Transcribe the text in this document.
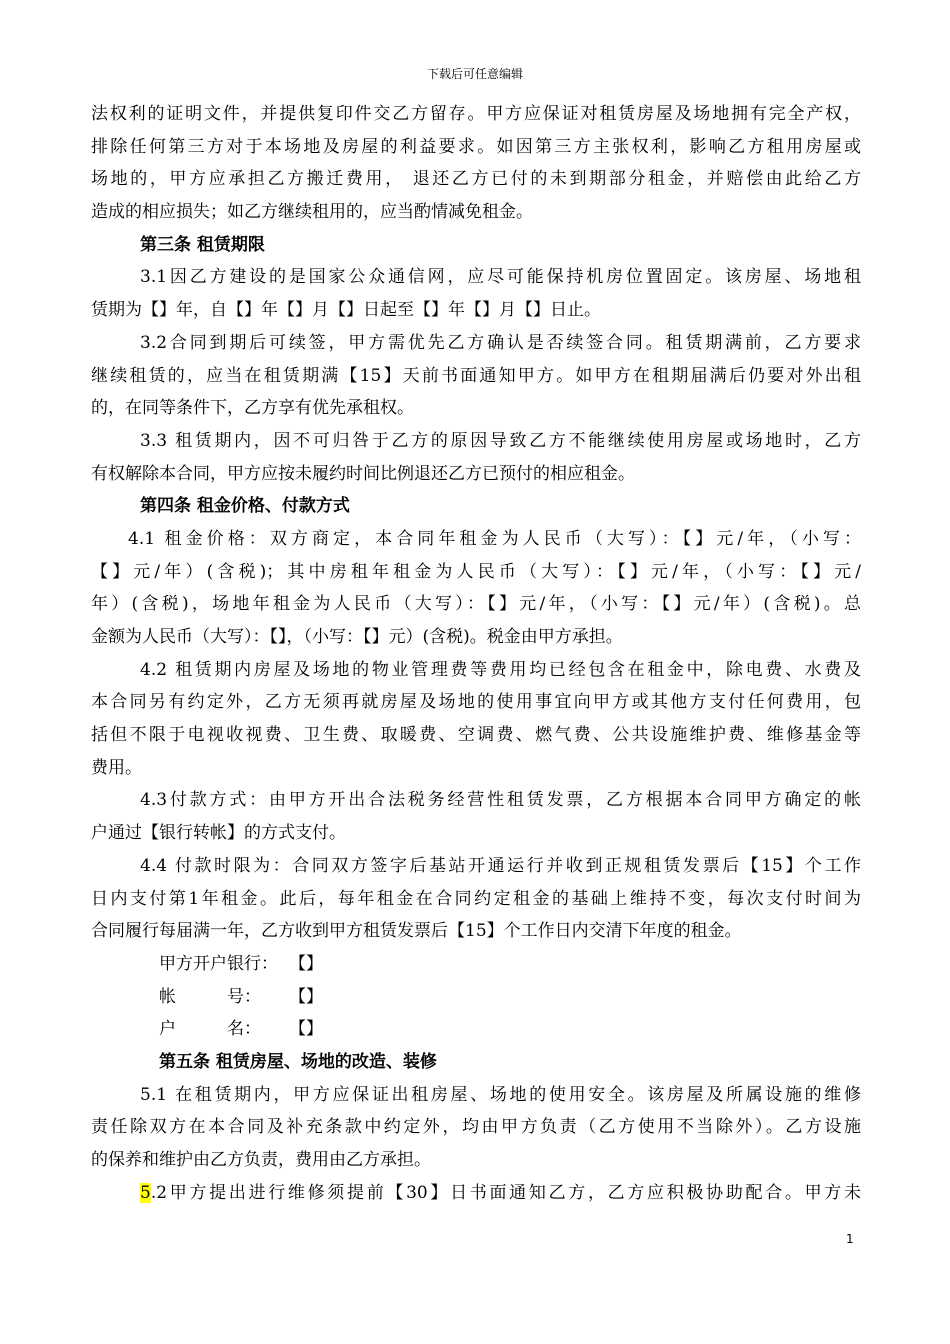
下载后可任意编辑
法权利的证明文件，并提供复印件交乙方留存。甲方应保证对租赁房屋及场地拥有完全产权，
排除任何第三方对于本场地及房屋的利益要求。如因第三方主张权利，影响乙方租用房屋或
场地的，甲方应承担乙方搬迁费用， 退还乙方已付的未到期部分租金，并赔偿由此给乙方
造成的相应损失；如乙方继续租用的，应当酌情减免租金。
第三条 租赁期限
3.1因乙方建设的是国家公众通信网，应尽可能保持机房位置固定。该房屋、场地租
赁期为【】年，自【】年【】月【】日起至【】年【】月【】日止。
3.2合同到期后可续签，甲方需优先乙方确认是否续签合同。租赁期满前，乙方要求
继续租赁的，应当在租赁期满【15】天前书面通知甲方。如甲方在租期届满后仍要对外出租
的，在同等条件下，乙方享有优先承租权。
3.3 租赁期内，因不可归咎于乙方的原因导致乙方不能继续使用房屋或场地时，乙方
有权解除本合同，甲方应按未履约时间比例退还乙方已预付的相应租金。
第四条 租金价格、付款方式
4.1 租金价格：双方商定，本合同年租金为人民币（大写）：【】元/年，（小写：
【】元/年）(含税)；其中房租年租金为人民币（大写）：【】元/年，（小写：【】元/
年）(含税)，场地年租金为人民币（大写）：【】元/年，（小写：【】元/年）(含税)。总
金额为人民币（大写）：【】，（小写：【】元）(含税)。税金由甲方承担。
4.2 租赁期内房屋及场地的物业管理费等费用均已经包含在租金中，除电费、水费及
本合同另有约定外，乙方无须再就房屋及场地的使用事宜向甲方或其他方支付任何费用，包
括但不限于电视收视费、卫生费、取暖费、空调费、燃气费、公共设施维护费、维修基金等
费用。
4.3付款方式：由甲方开出合法税务经营性租赁发票，乙方根据本合同甲方确定的帐
户通过【银行转帐】的方式支付。
4.4 付款时限为：合同双方签字后基站开通运行并收到正规租赁发票后【15】个工作
日内支付第1年租金。此后，每年租金在合同约定租金的基础上维持不变，每次支付时间为
合同履行每届满一年，乙方收到甲方租赁发票后【15】个工作日内交清下年度的租金。
甲方开户银行： 【】
帐　　　号： 【】
户　　　名： 【】
第五条 租赁房屋、场地的改造、装修
5.1 在租赁期内，甲方应保证出租房屋、场地的使用安全。该房屋及所属设施的维修
责任除双方在本合同及补充条款中约定外，均由甲方负责（乙方使用不当除外）。乙方设施
的保养和维护由乙方负责，费用由乙方承担。
5.2甲方提出进行维修须提前【30】日书面通知乙方，乙方应积极协助配合。甲方未
1
